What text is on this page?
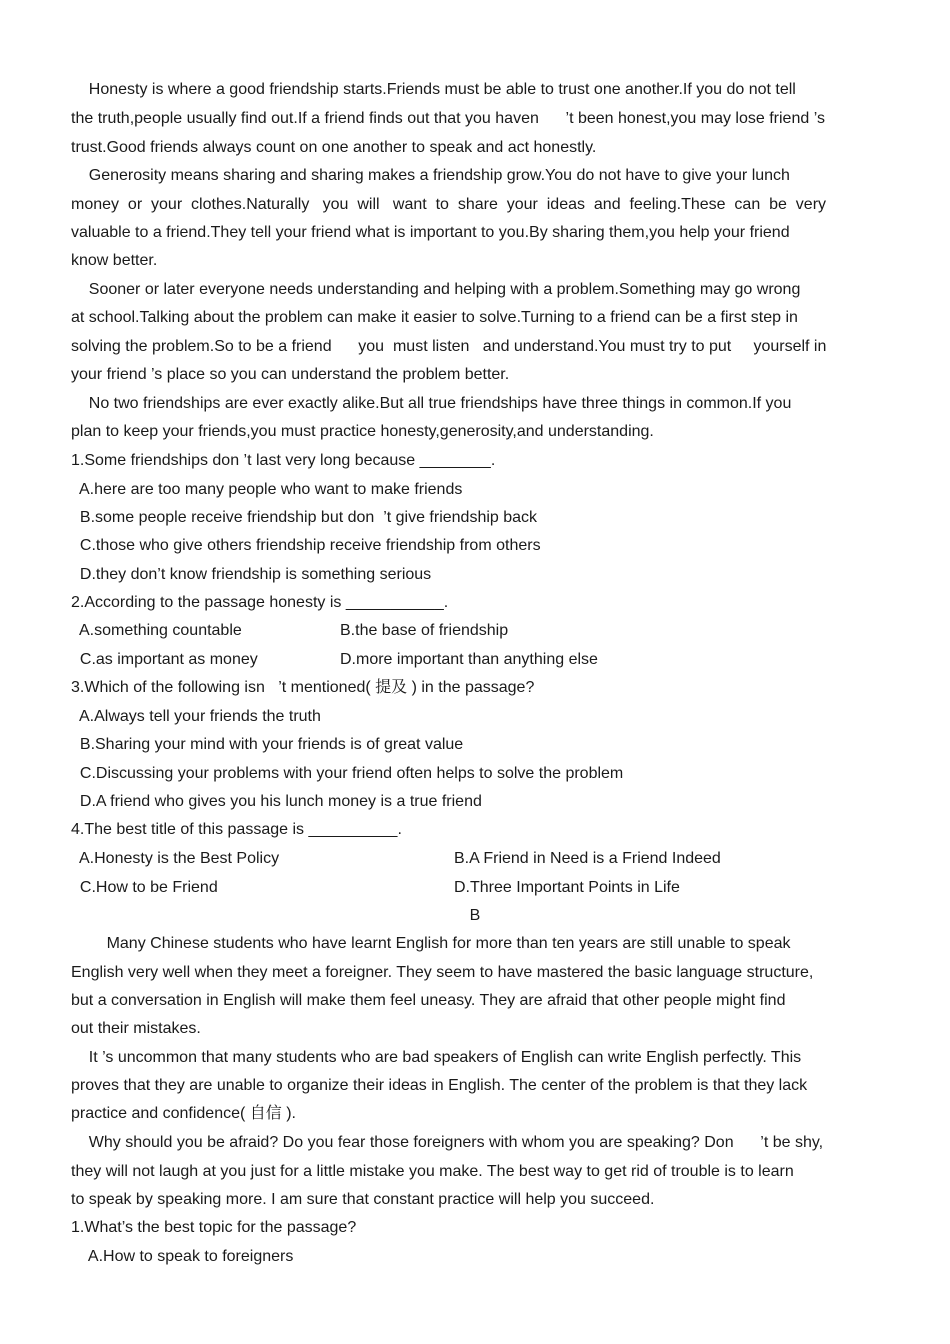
Honesty is where a good friendship starts.Friends must be able to trust one another.If you do not tell
the truth,people usually find out.If a friend finds out that you haven      ’t been honest,you may lose friend ’s
trust.Good friends always count on one another to speak and act honestly.
Generosity means sharing and sharing makes a friendship grow.You do not have to give your lunch
money  or  your  clothes.Naturally   you  will   want  to  share  your  ideas  and  feeling.These  can  be  very
valuable to a friend.They tell your friend what is important to you.By sharing them,you help your friend
know better.
Sooner or later everyone needs understanding and helping with a problem.Something may go wrong
at school.Talking about the problem can make it easier to solve.Turning to a friend can be a first step in
solving the problem.So to be a friend      you  must listen   and understand.You must try to put     yourself in
your friend ’s place so you can understand the problem better.
No two friendships are ever exactly alike.But all true friendships have three things in common.If you
plan to keep your friends,you must practice honesty,generosity,and understanding.
1.Some friendships don ’t last very long because ________.
A.here are too many people who want to make friends
B.some people receive friendship but don  ’t give friendship back
C.those who give others friendship receive friendship from others
D.they don’t know friendship is something serious
2.According to the passage honesty is ___________.
A.something countable	B.the base of friendship
C.as important as money	D.more important than anything else
3.Which of the following isn   ’t mentioned( 提及 ) in the passage?
A.Always tell your friends the truth
B.Sharing your mind with your friends is of great value
C.Discussing your problems with your friend often helps to solve the problem
D.A friend who gives you his lunch money is a true friend
4.The best title of this passage is __________.
A.Honesty is the Best Policy	B.A Friend in Need is a Friend Indeed
C.How to be Friend	D.Three Important Points in Life
B
Many Chinese students who have learnt English for more than ten years are still unable to speak
English very well when they meet a foreigner. They seem to have mastered the basic language structure,
but a conversation in English will make them feel uneasy. They are afraid that other people might find
out their mistakes.
It ’s uncommon that many students who are bad speakers of English can write English perfectly. This
proves that they are unable to organize their ideas in English. The center of the problem is that they lack
practice and confidence( 自信 ).
Why should you be afraid? Do you fear those foreigners with whom you are speaking? Don      ’t be shy,
they will not laugh at you just for a little mistake you make. The best way to get rid of trouble is to learn
to speak by speaking more. I am sure that constant practice will help you succeed.
1.What’s the best topic for the passage?
A.How to speak to foreigners
